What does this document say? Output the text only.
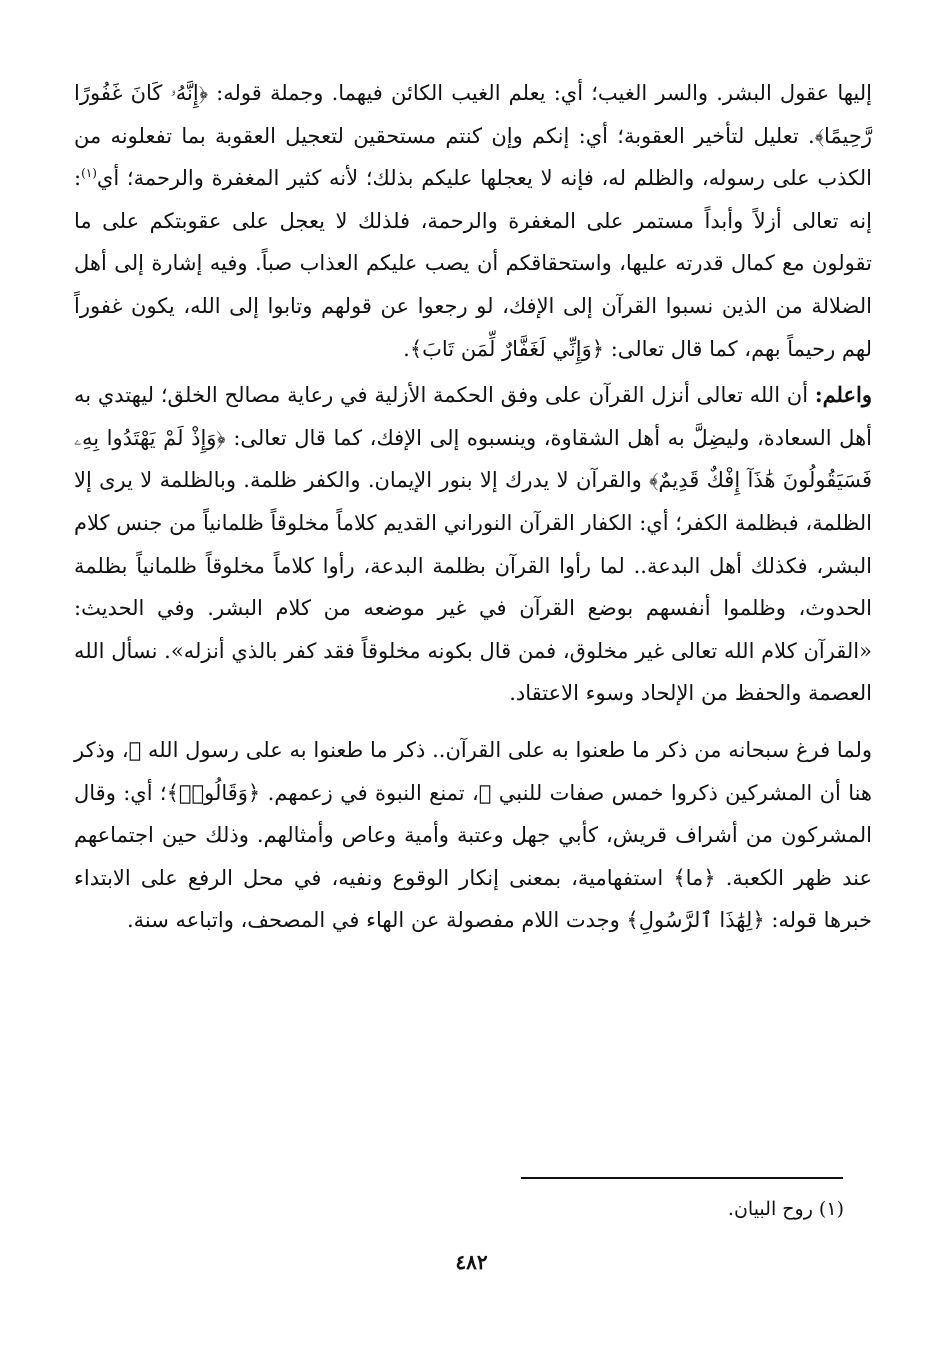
إليها عقول البشر. والسر الغيب؛ أي: يعلم الغيب الكائن فيهما. وجملة قوله: ﴿إِنَّهُۥ كَانَ غَفُورًا رَّحِيمًا﴾. تعليل لتأخير العقوبة؛ أي: إنكم وإن كنتم مستحقين لتعجيل العقوبة بما تفعلونه من الكذب على رسوله، والظلم له، فإنه لا يعجلها عليكم بذلك؛ لأنه كثير المغفرة والرحمة؛ أي$^{(١)}$: إنه تعالى أزلاً وأبداً مستمر على المغفرة والرحمة، فلذلك لا يعجل على عقوبتكم على ما تقولون مع كمال قدرته عليها، واستحقاقكم أن يصب عليكم العذاب صباً. وفيه إشارة إلى أهل الضلالة من الذين نسبوا القرآن إلى الإفك، لو رجعوا عن قولهم وتابوا إلى الله، يكون غفوراً لهم رحيماً بهم، كما قال تعالى: ﴿وَإِنِّي لَغَفَّارٌ لِّمَن تَابَ﴾.

واعلم: أن الله تعالى أنزل القرآن على وفق الحكمة الأزلية في رعاية مصالح الخلق؛ ليهتدي به أهل السعادة، وليضِلَّ به أهل الشقاوة، وينسبوه إلى الإفك، كما قال تعالى: ﴿وَإِذْ لَمْ يَهْتَدُوا بِهِۦ فَسَيَقُولُونَ هَٰذَآ إِفْكٌ قَدِيمٌ﴾ والقرآن لا يدرك إلا بنور الإيمان. والكفر ظلمة. وبالظلمة لا يرى إلا الظلمة، فبظلمة الكفر؛ أي: الكفار القرآن النوراني القديم كلاماً مخلوقاً ظلمانياً من جنس كلام البشر، فكذلك أهل البدعة.. لما رأوا القرآن بظلمة البدعة، رأوا كلاماً مخلوقاً ظلمانياً بظلمة الحدوث، وظلموا أنفسهم بوضع القرآن في غير موضعه من كلام البشر. وفي الحديث: «القرآن كلام الله تعالى غير مخلوق، فمن قال بكونه مخلوقاً فقد كفر بالذي أنزله». نسأل الله العصمة والحفظ من الإلحاد وسوء الاعتقاد.

ولما فرغ سبحانه من ذكر ما طعنوا به على القرآن.. ذكر ما طعنوا به على رسول الله ﷺ، وذكر هنا أن المشركين ذكروا خمس صفات للنبي ﷺ، تمنع النبوة في زعمهم. ﴿وَقَالُوا۟﴾؛ أي: وقال المشركون من أشراف قريش، كأبي جهل وعتبة وأمية وعاص وأمثالهم. وذلك حين اجتماعهم عند ظهر الكعبة. ﴿ما﴾ استفهامية، بمعنى إنكار الوقوع ونفيه، في محل الرفع على الابتداء خبرها قوله: ﴿لِهَٰذَا ٱلرَّسُولِ﴾ وجدت اللام مفصولة عن الهاء في المصحف، واتباعه سنة.

(١) روح البيان.
٤٨٢
